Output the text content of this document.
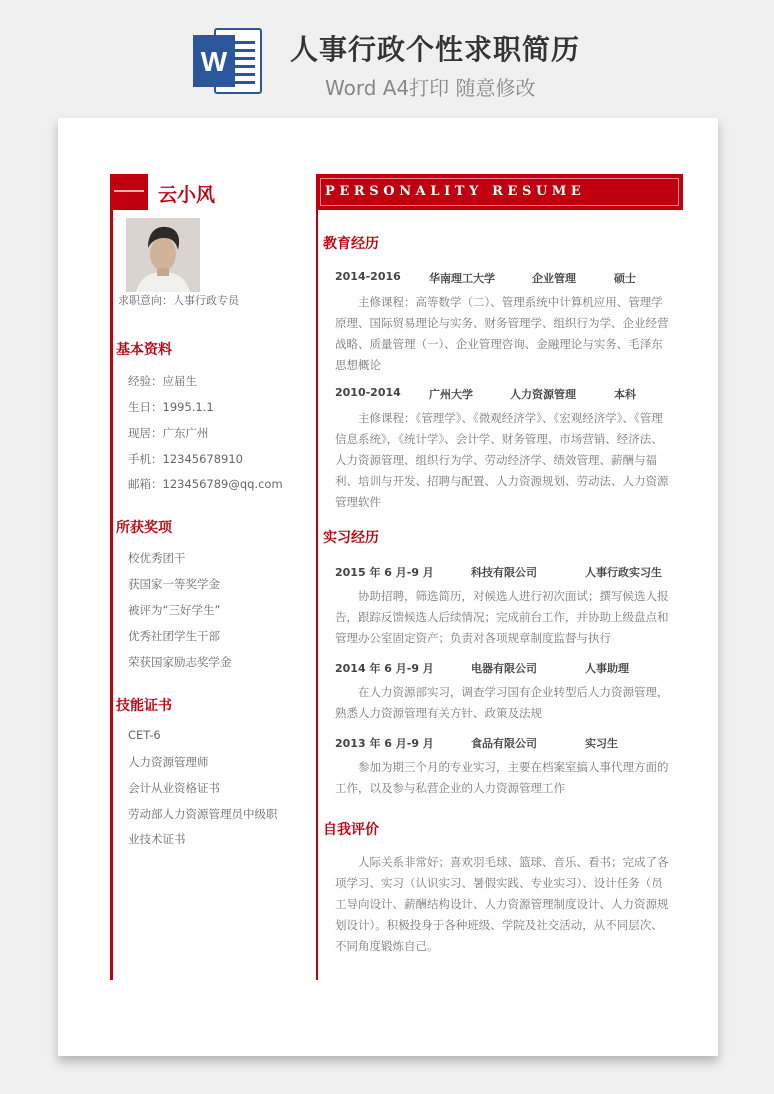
W 人事行政个性求职简历
Word A4打印 随意修改
云小风
求职意向：人事行政专员
基本资料
经验：应届生
生日：1995.1.1
现居：广东广州
手机：12345678910
邮箱：123456789@qq.com
所获奖项
校优秀团干
获国家一等奖学金
被评为“三好学生”
优秀社团学生干部
荣获国家励志奖学金
技能证书
CET-6
人力资源管理师
会计从业资格证书
劳动部人力资源管理员中级职
业技术证书
PERSONALITY RESUME
教育经历
2014-2016	华南理工大学	企业管理	硕士
主修课程：高等数学（二）、管理系统中计算机应用、管理学原理、国际贸易理论与实务、财务管理学、组织行为学、企业经营战略、质量管理（一）、企业管理咨询、金融理论与实务、毛泽东思想概论
2010-2014	广州大学	人力资源管理	本科
主修课程：《管理学》、《微观经济学》、《宏观经济学》、《管理信息系统》，《统计学》、会计学、财务管理、市场营销、经济法、人力资源管理、组织行为学、劳动经济学、绩效管理、薪酬与福利、培训与开发、招聘与配置、人力资源规划、劳动法、人力资源管理软件
实习经历
2015 年 6 月-9 月	科技有限公司	人事行政实习生
协助招聘，筛选简历，对候选人进行初次面试；撰写候选人报告，跟踪反馈候选人后续情况；完成前台工作，并协助上级盘点和管理办公室固定资产；负责对各项规章制度监督与执行
2014 年 6 月-9 月	电器有限公司	人事助理
在人力资源部实习，调查学习国有企业转型后人力资源管理，熟悉人力资源管理有关方针、政策及法规
2013 年 6 月-9 月	食品有限公司	实习生
参加为期三个月的专业实习，主要在档案室搞人事代理方面的工作，以及参与私营企业的人力资源管理工作
自我评价
人际关系非常好；喜欢羽毛球、篮球、音乐、看书；完成了各项学习、实习（认识实习、暑假实践、专业实习）、设计任务（员工导向设计、薪酬结构设计、人力资源管理制度设计、人力资源规划设计）。积极投身于各种班级、学院及社交活动，从不同层次、不同角度锻炼自己。
